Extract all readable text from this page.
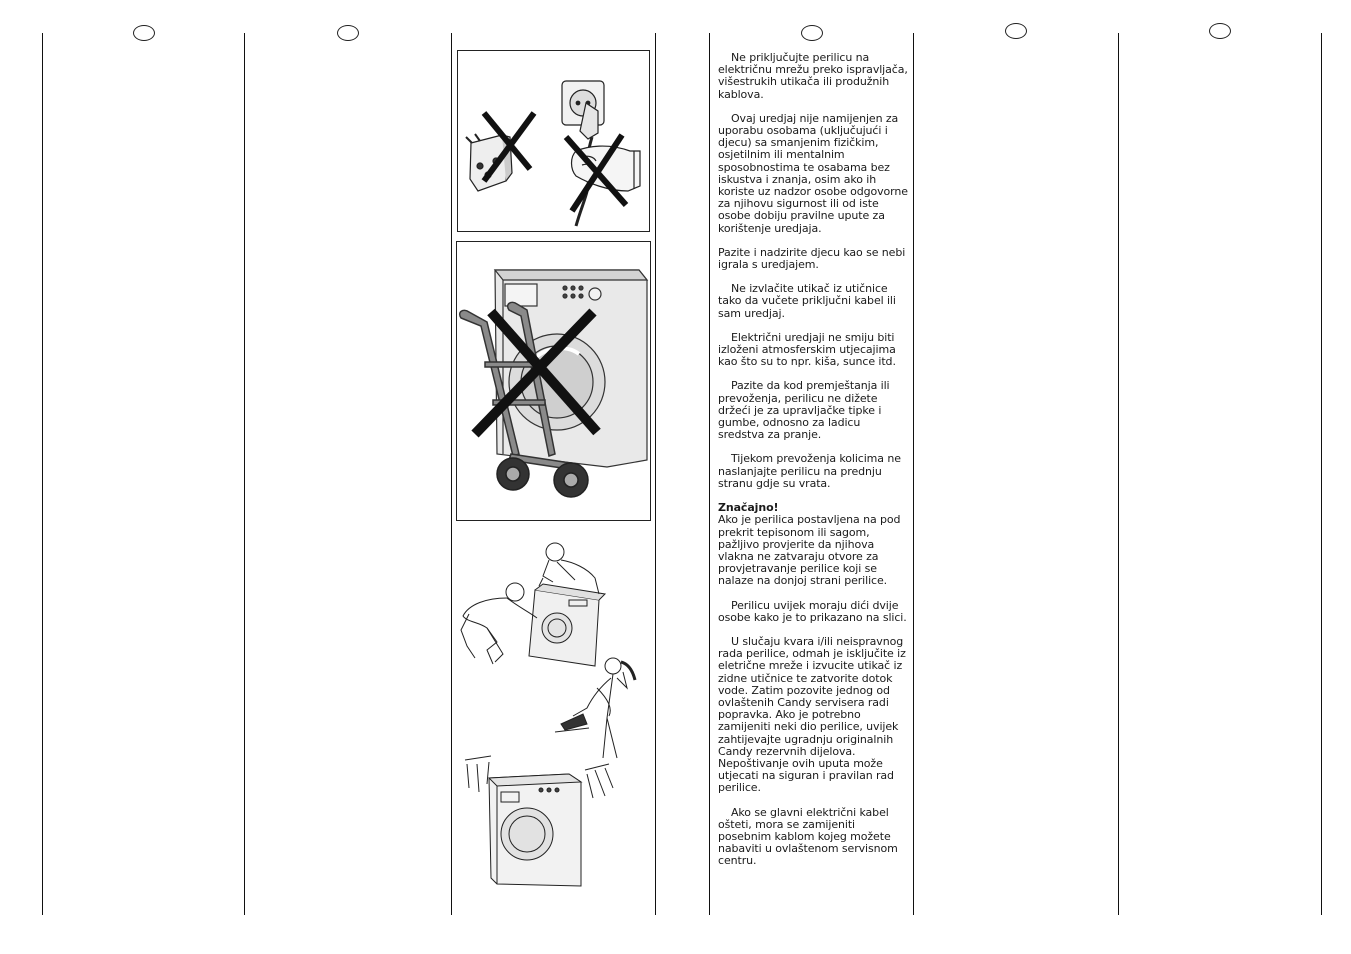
Ne priključujte perilicu na električnu mrežu preko ispravljača, višestrukih utikača ili produžnih kablova.

Ovaj uredjaj nije namijenjen za uporabu osobama (uključujući i djecu) sa smanjenim fizičkim, osjetilnim ili mentalnim sposobnostima te osabama bez iskustva i znanja, osim ako ih koriste uz nadzor osobe odgovorne za njihovu sigurnost ili od iste osobe dobiju pravilne upute za korištenje uredjaja.

Pazite i nadzirite djecu kao se nebi igrala s uredjajem.

Ne izvlačite utikač iz utičnice tako da vučete priključni kabel ili sam uredjaj.

Električni uredjaji ne smiju biti izloženi atmosferskim utjecajima kao što su to npr. kiša, sunce itd.

Pazite da kod premještanja ili prevoženja, perilicu ne dižete držeći je za upravljačke tipke i gumbe, odnosno za ladicu sredstva za pranje.

Tijekom prevoženja kolicima ne naslanjajte perilicu na prednju stranu gdje su vrata.

Značajno!
Ako je perilica postavljena na pod prekrit tepisonom ili sagom, pažljivo provjerite da njihova vlakna ne zatvaraju otvore za provjetravanje perilice koji se nalaze na donjoj strani perilice.

Perilicu uvijek moraju dići dvije osobe kako je to prikazano na slici.

U slučaju kvara i/ili neispravnog rada perilice, odmah je isključite iz eletrične mreže i izvucite utikač iz zidne utičnice te zatvorite dotok vode. Zatim pozovite jednog od ovlaštenih Candy servisera radi popravka. Ako je potrebno zamijeniti neki dio perilice, uvijek zahtijevajte ugradnju originalnih Candy rezervnih dijelova. Nepoštivanje ovih uputa može utjecati na siguran i pravilan rad perilice.

Ako se glavni električni kabel ošteti, mora se zamijeniti posebnim kablom kojeg možete nabaviti u ovlaštenom servisnom centru.
